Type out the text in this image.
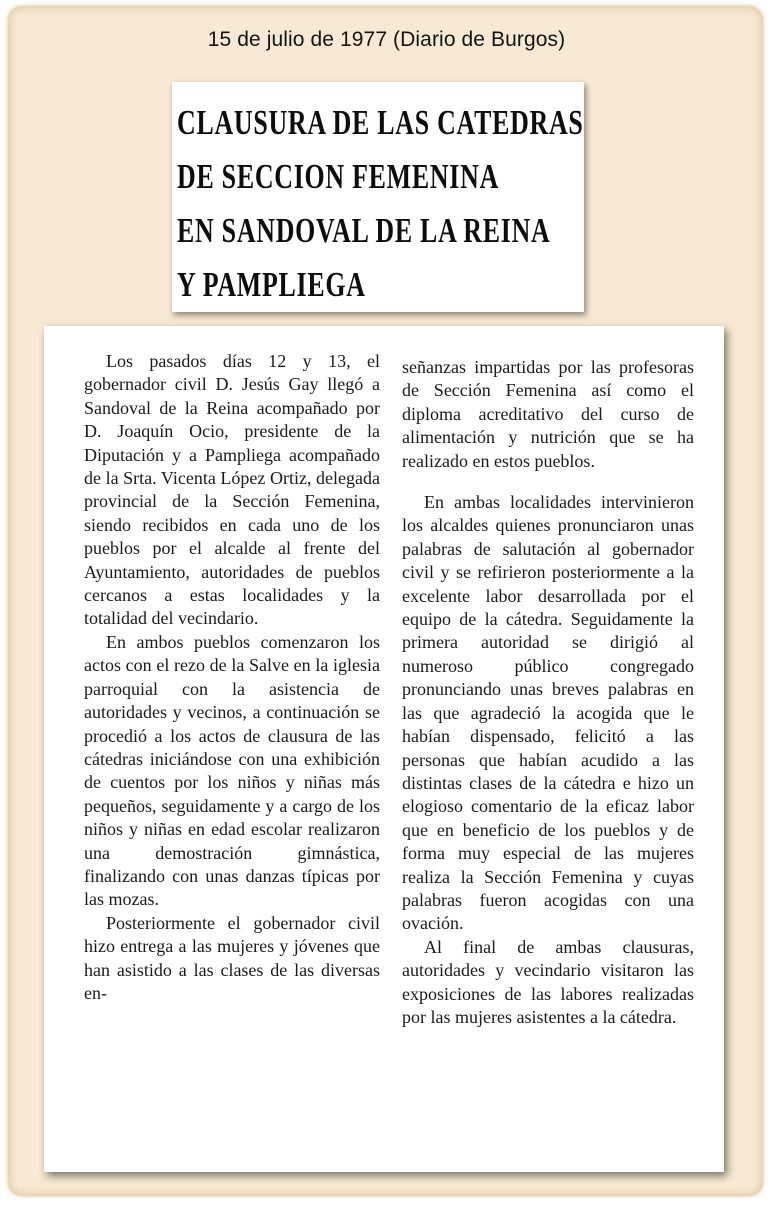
15 de julio de 1977 (Diario de Burgos)
CLAUSURA DE LAS CATEDRAS
DE SECCION FEMENINA
EN SANDOVAL DE LA REINA
Y PAMPLIEGA

Los pasados días 12 y 13, el gobernador civil D. Jesús Gay llegó a Sandoval de la Reina acompañado por D. Joaquín Ocio, presidente de la Diputación y a Pampliega acompañado de la Srta. Vicenta López Ortiz, delegada provincial de la Sección Femenina, siendo recibidos en cada uno de los pueblos por el alcalde al frente del Ayuntamiento, autoridades de pueblos cercanos a estas localidades y la totalidad del vecindario.

En ambos pueblos comenzaron los actos con el rezo de la Salve en la iglesia parroquial con la asistencia de autoridades y vecinos, a continuación se procedió a los actos de clausura de las cátedras iniciándose con una exhibición de cuentos por los niños y niñas más pequeños, seguidamente y a cargo de los niños y niñas en edad escolar realizaron una demostración gimnástica, finalizando con unas danzas típicas por las mozas.

Posteriormente el gobernador civil hizo entrega a las mujeres y jóvenes que han asistido a las clases de las diversas en-

señanzas impartidas por las profesoras de Sección Femenina así como el diploma acreditativo del curso de alimentación y nutrición que se ha realizado en estos pueblos.

En ambas localidades intervinieron los alcaldes quienes pronunciaron unas palabras de salutación al gobernador civil y se refirieron posteriormente a la excelente labor desarrollada por el equipo de la cátedra. Seguidamente la primera autoridad se dirigió al numeroso público congregado pronunciando unas breves palabras en las que agradeció la acogida que le habían dispensado, felicitó a las personas que habían acudido a las distintas clases de la cátedra e hizo un elogioso comentario de la eficaz labor que en beneficio de los pueblos y de forma muy especial de las mujeres realiza la Sección Femenina y cuyas palabras fueron acogidas con una ovación.

Al final de ambas clausuras, autoridades y vecindario visitaron las exposiciones de las labores realizadas por las mujeres asistentes a la cátedra.
